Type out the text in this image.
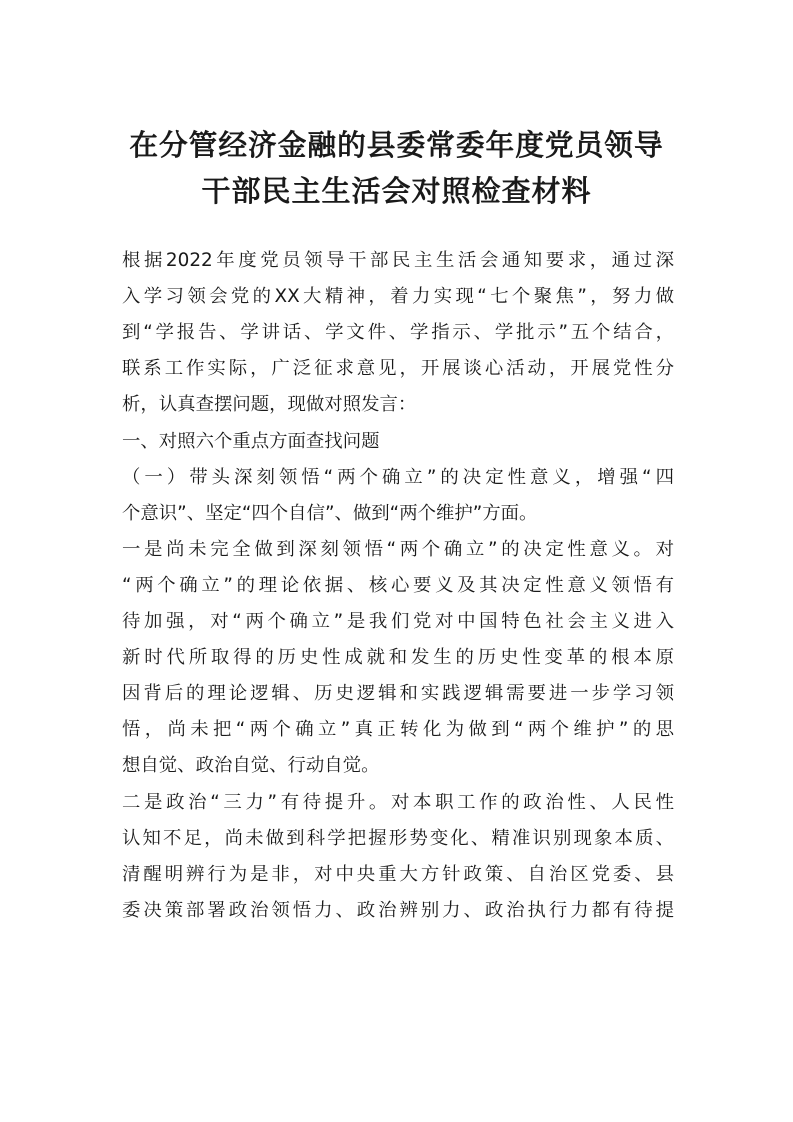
在分管经济金融的县委常委年度党员领导
干部民主生活会对照检查材料
根据2022年度党员领导干部民主生活会通知要求，通过深
入学习领会党的XX大精神，着力实现“七个聚焦”，努力做
到“学报告、学讲话、学文件、学指示、学批示”五个结合，
联系工作实际，广泛征求意见，开展谈心活动，开展党性分
析，认真查摆问题，现做对照发言：
一、对照六个重点方面查找问题
（一）带头深刻领悟“两个确立”的决定性意义，增强“四
个意识”、坚定“四个自信”、做到“两个维护”方面。
一是尚未完全做到深刻领悟“两个确立”的决定性意义。对
“两个确立”的理论依据、核心要义及其决定性意义领悟有
待加强，对“两个确立”是我们党对中国特色社会主义进入
新时代所取得的历史性成就和发生的历史性变革的根本原
因背后的理论逻辑、历史逻辑和实践逻辑需要进一步学习领
悟，尚未把“两个确立”真正转化为做到“两个维护”的思
想自觉、政治自觉、行动自觉。
二是政治“三力”有待提升。对本职工作的政治性、人民性
认知不足，尚未做到科学把握形势变化、精准识别现象本质、
清醒明辨行为是非，对中央重大方针政策、自治区党委、县
委决策部署政治领悟力、政治辨别力、政治执行力都有待提
